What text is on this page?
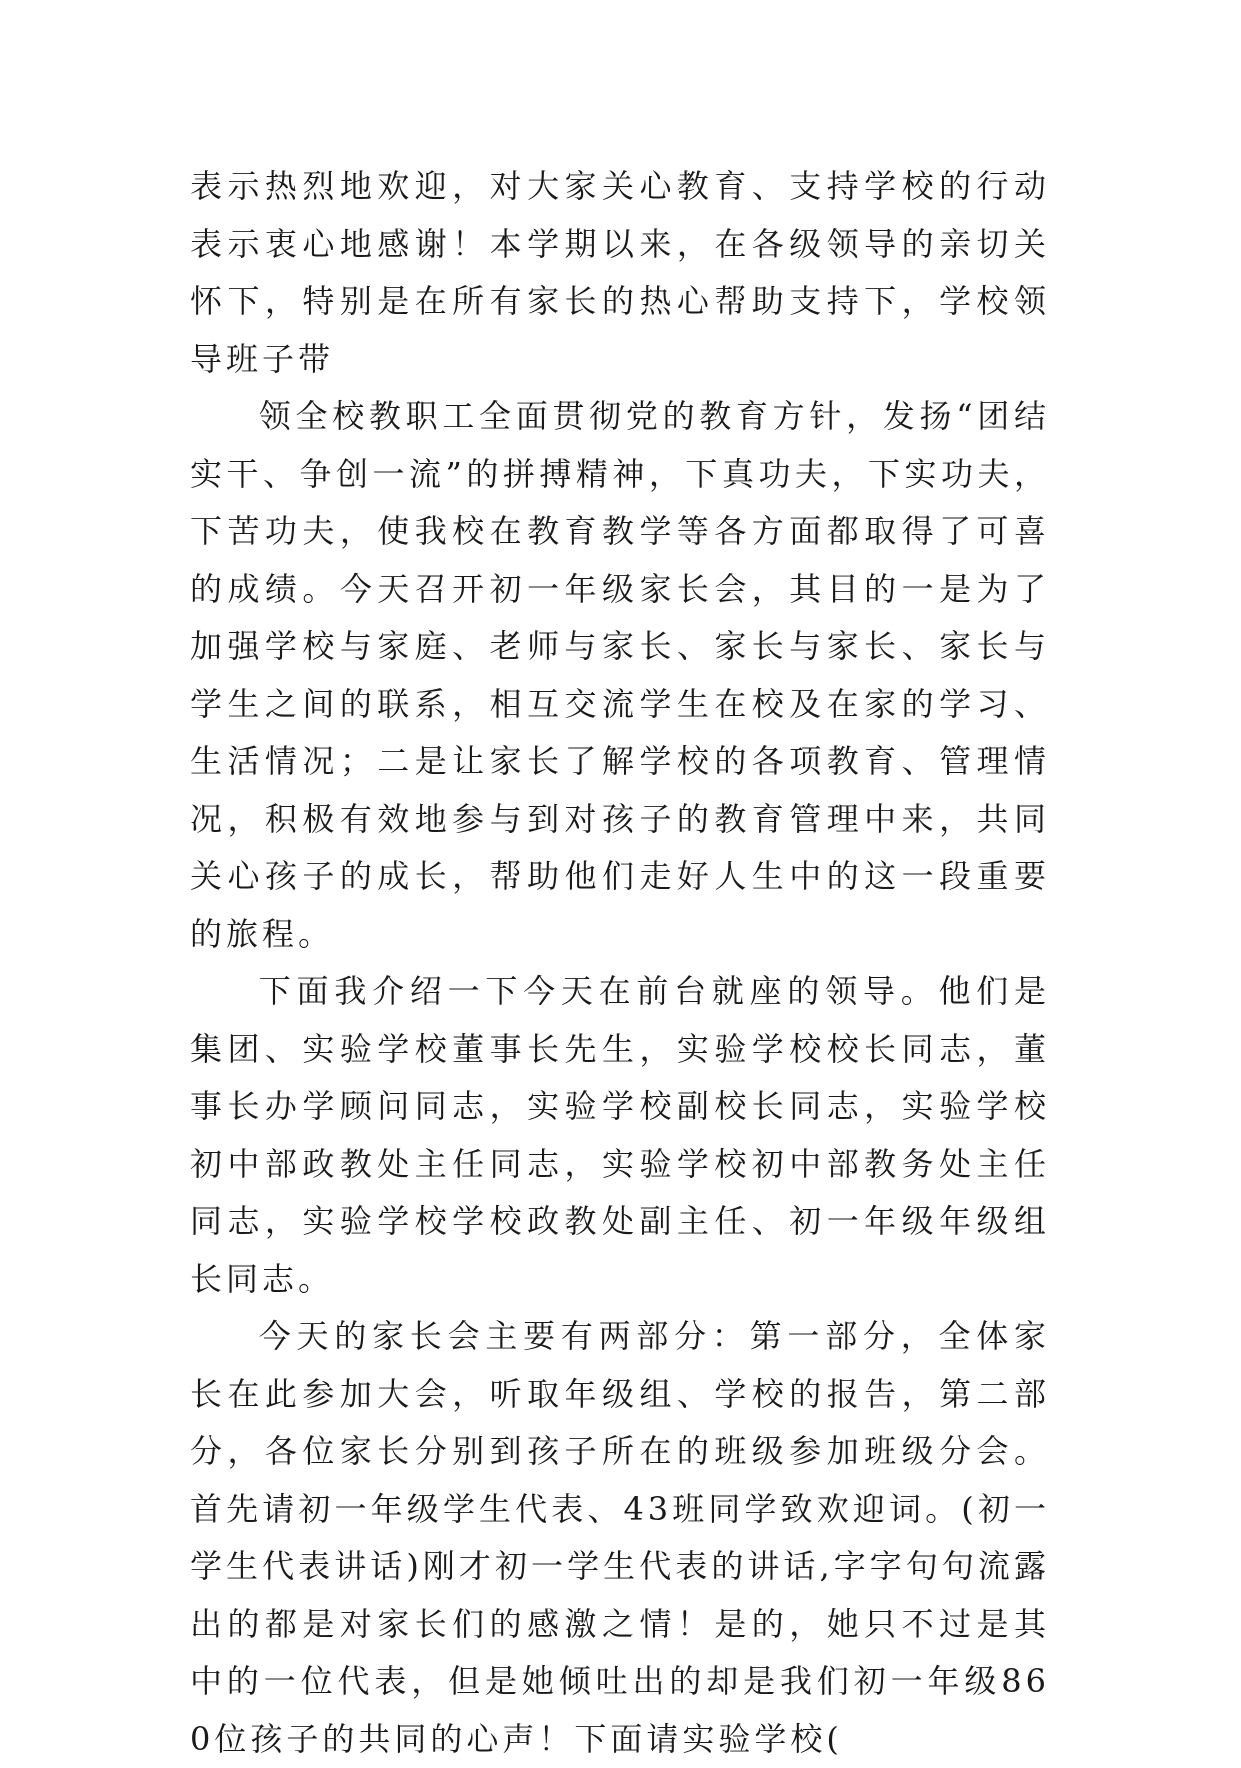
表示热烈地欢迎，对大家关心教育、支持学校的行动表示衷心地感谢！本学期以来，在各级领导的亲切关怀下，特别是在所有家长的热心帮助支持下，学校领导班子带

领全校教职工全面贯彻党的教育方针，发扬“团结实干、争创一流”的拼搏精神，下真功夫，下实功夫，下苦功夫，使我校在教育教学等各方面都取得了可喜的成绩。今天召开初一年级家长会，其目的一是为了加强学校与家庭、老师与家长、家长与家长、家长与学生之间的联系，相互交流学生在校及在家的学习、生活情况；二是让家长了解学校的各项教育、管理情况，积极有效地参与到对孩子的教育管理中来，共同关心孩子的成长，帮助他们走好人生中的这一段重要的旅程。

下面我介绍一下今天在前台就座的领导。他们是集团、实验学校董事长先生，实验学校校长同志，董事长办学顾问同志，实验学校副校长同志，实验学校初中部政教处主任同志，实验学校初中部教务处主任同志，实验学校学校政教处副主任、初一年级年级组长同志。

今天的家长会主要有两部分：第一部分，全体家长在此参加大会，听取年级组、学校的报告，第二部分，各位家长分别到孩子所在的班级参加班级分会。首先请初一年级学生代表、43班同学致欢迎词。(初一学生代表讲话)刚才初一学生代表的讲话,字字句句流露出的都是对家长们的感激之情！是的，她只不过是其中的一位代表，但是她倾吐出的却是我们初一年级860位孩子的共同的心声！下面请实验学校(
